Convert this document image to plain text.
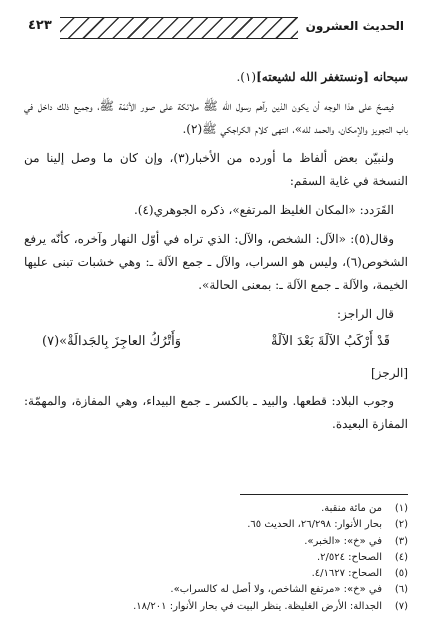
الحديث العشرون
٤٢٣

سبحانه [ونستغفر الله لشيعته](١).

فيصحّ على هذا الوجه أن يكون الذين رآهم رسول الله ﷺ ملائكة على صور الأئمّة ﷺ، وجميع ذلك داخل في باب التجويز والإمكان، والحمد لله»، انتهى كلام الكراجكي ﷺ(٢).

ولنبيّن بعض ألفاظ ما أورده من الأخبار(٣)، وإن كان ما وصل إلينا من النسخة في غاية السقم:

القَرَدد: «المكان الغليظ المرتفع»، ذكره الجوهري(٤).

وقال(٥): «الآل: الشخص، والآل: الذي تراه في أوّل النهار وآخره، كأنّه يرفع الشخوص(٦)، وليس هو السراب، والآل ـ جمع الآلة ـ: وهي خشبات تبنى عليها الخيمة، والآلة ـ جمع الآلة ـ: بمعنى الحالة».

قال الراجز:

قَدْ أَرْكَبُ الآلَةَ بَعْدَ الآلَةْ
وَأَتْرُكُ العاجِزَ بِالجَدالَةْ»(٧)

[الرجز]

وجوب البلاد: قطعها. والبيد ـ بالكسر ـ جمع البيداء، وهي المفازة، والمهمّة: المفازة البعيدة.

(١)
من مائة منقبة.
(٢)
بحار الأنوار: ٢٦/٢٩٨، الحديث ٦٥.
(٣)
في «خ»: «الخبر».
(٤)
الصحاح: ٢/٥٢٤.
(٥)
الصحاح: ٤/١٦٢٧.
(٦)
في «خ»: «مرتفع الشاخص، ولا أصل له كالسراب».
(٧)
الجدالة: الأرض الغليظة. ينظر البيت في بحار الأنوار: ١٨/٢٠١.
